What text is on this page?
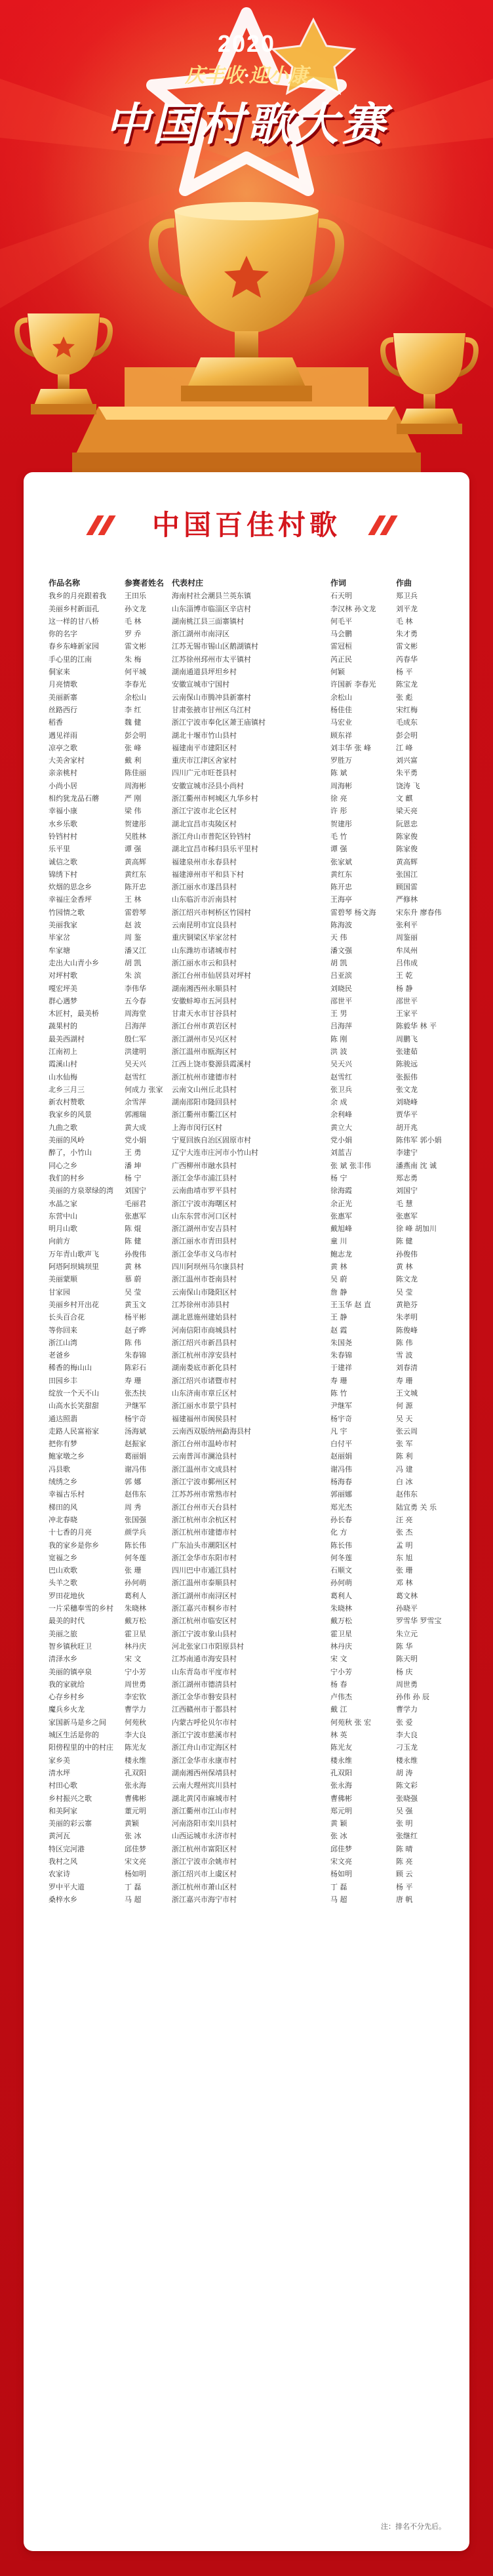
2020
庆丰收·迎小康
中国村歌大赛
中国百佳村歌
作品名称	参赛者姓名 代表村庄	作词	作曲
我乡的月亮跟着我	王田乐	海南村社会潮县兰英东镇	石天明	郑卫兵
美丽乡村新面孔	孙文龙	山东淄博市临淄区辛店村	李汉林 孙文龙	刘平龙
这一样的甘八桥	毛 林	湖南桃江县三面寨镇村	何毛平	毛 林
你的名字	罗 乔	浙江湖州市南浔区	马会鹏	朱才勇
春乡东峰新家园	雷文彬	江苏无锡市锡山区鹅湖镇村	雷冠桓	雷文彬
手心里的江南	朱 梅	江苏徐州邳州市太平镇村	芮正民	芮春华
侗家来	何平城	湖南通道县坪坦乡村	何颖	杨 平
月亮情歌	李春光	安徽宣城市宁国村	许国新 李春光	陈宝龙
美丽新寨	余松山	云南保山市腾冲县新寨村	余松山	张 彪
丝路西行	李 红	甘肃张掖市甘州区乌江村	杨佳佳	宋红梅
稻香	魏 健	浙江宁波市奉化区萧王庙镇村	马宏业	毛成东
遇见祥雨	彭会明	湖北十堰市竹山县村	顾东祥	彭会明
凉亭之歌	张 峰	福建南平市建阳区村	刘丰华 张 峰	江 峰
大美舍家村	戴 利	重庆市江津区舍家村	罗胜万	刘兴富
亲亲桃村	陈佳丽	四川广元市旺苍县村	陈 斌	朱平勇
小尚小居	周海彬	安徽宣城市泾县小尚村	周海彬	饶涛 飞
相约犹龙品石蘑	严 刚	浙江衢州市柯城区九华乡村	徐 亮	文 麒
幸福小康	梁 伟	浙江宁波市北仑区村	许 彤	梁天亮
水乡乐歌	贺建彤	湖北宜昌市夷陵区村	贺建彤	阮恩忠
铃铛村村	吴胜林	浙江舟山市普陀区铃铛村	毛 竹	陈家俊
乐平里	谭 强	湖北宜昌市秭归县乐平里村	谭 强	陈家俊
诚信之歌	黄高辉	福建泉州市永春县村	张家斌	黄高辉
锦绣下村	黄红东	福建漳州市平和县下村	黄红东	张国江
炊烟的思念乡	陈开忠	浙江丽水市遂昌县村	陈开忠	顾国雷
幸福庄金香坪	王 林	山东临沂市沂南县村	王海亭	严修林
竹园情之歌	雷碧琴	浙江绍兴市柯桥区竹园村	雷碧琴 杨文海	宋东升 廖春伟
美丽我家	赵 波	云南昆明市宜良县村	陈海波	张利平
毕家岔	周 鉴	重庆铜梁区毕家岔村	天 伟	周鉴丽
牟家塘	潘又江	山东潍坊市诸城市村	潘文强	牟凤州
走出大山青小乡	胡 凯	浙江丽水市云和县村	胡 凯	吕伟成
对坪村歌	朱 滨	浙江台州市仙居县对坪村	吕亚滨	王 乾
嘎宏坪美	李伟华	湖南湘西州永顺县村	刘晓民	杨 静
群心遇梦	五今春	安徽蚌埠市五河县村	邵世平	邵世平
木匠村，最美桥	周海堂	甘肃天水市甘谷县村	王 男	王家平
蔬果村的	吕海萍	浙江台州市黄岩区村	吕海萍	陈毅华 林 平
最美西湖村	殷仁军	浙江湖州市吴兴区村	陈 刚	周鹏飞
江南初上	洪建明	浙江温州市瓯海区村	洪 波	张建茹
霞溪山村	吴天兴	江西上饶市婺源县霞溪村	吴天兴	陈骏远
山水仙梅	赵雪红	浙江杭州市建德市村	赵雪红	张振伟
北乡三月三	何成力 张家	云南文山州丘北县村	张卫兵	张文龙
新农村赞歌	余雪萍	湖南邵阳市隆回县村	余 成	刘晓峰
我家乡的风景	郭湘瑞	浙江衢州市衢江区村	余利峰	贾华平
九曲之歌	黄大成	上海市闵行区村	黄立大	胡开兆
美丽的风岭	党小娟	宁夏回族自治区固原市村	党小娟	陈伟军 郭小娟
醉了，小竹山	王 勇	辽宁大连市庄河市小竹山村	刘蓝吉	李建宁
同心之乡	潘 坤	广西柳州市融水县村	张 斌 张丰伟	潘燕南 沈 诚
我们的村乡	杨 宁	浙江金华市浦江县村	杨 宁	郑志勇
美丽的方泉翠绿的湾	刘国宁	云南曲靖市罗平县村	徐海霞	刘国宁
水晶之家	毛丽君	浙江宁波市海曙区村	余正光	毛 慧
东营中山	张惠军	山东东营市河口区村	张惠军	张惠军
明月山歌	陈 焜	浙江湖州市安吉县村	戴旭峰	徐 峰 胡加川
向前方	陈 健	浙江丽水市青田县村	童 川	陈 健
万年青山歌声飞	孙俊伟	浙江金华市义乌市村	鲍志龙	孙俊伟
阿塔阿坝姨坝里	黄 林	四川阿坝州马尔康县村	黄 林	黄 林
美丽蒙顺	慕 蔚	浙江温州市苍南县村	吴 蔚	陈文龙
甘家园	吴 莹	云南保山市隆阳区村	詹 静	吴 莹
美丽乡村开出花	黄玉文	江苏徐州市沛县村	王玉华 赵 直	黄艳芬
长头百合花	杨平彬	湖北恩施州建始县村	王 静	朱孝明
等你回来	赵子晔	河南信阳市商城县村	赵 霞	陈俊峰
浙江山湾	陈 伟	浙江绍兴市新昌县村	朱国尧	陈 伟
老爸乡	朱春锦	浙江杭州市淳安县村	朱春锦	雪 波
稀香的梅山山	陈彩石	湖南娄底市新化县村	于建祥	刘春清
田园乡丰	寿 珊	浙江绍兴市诸暨市村	寿 珊	寿 珊
绽放一个天不山	张杰扶	山东济南市章丘区村	陈 竹	王文城
山高水长笑甜甜	尹继军	浙江丽水市景宁县村	尹继军	何 源
通达照翡	杨宇奇	福建福州市闽侯县村	杨宇奇	吴 天
走路人民富裕家	汤海斌	云南西双版纳州勐海县村	凡 宇	张云周
把你有梦	赵振家	浙江台州市温岭市村	白付平	张 军
鲍家墩之乡	葛丽娟	云南普洱市澜沧县村	赵丽娟	陈 利
冯县歌	谢冯伟	浙江温州市文成县村	谢冯伟	冯 建
绒绣之乡	郭 娜	浙江宁波市鄞州区村	杨海春	白 冰
幸福古乐村	赵伟东	江苏苏州市常熟市村	郭丽娜	赵伟东
梯田的风	周 秀	浙江台州市天台县村	郑光杰	陆宜勇 关 乐
冲北春晓	张国强	浙江杭州市余杭区村	孙长春	汪 亮
十七香的月亮	颜学兵	浙江杭州市建德市村	化 方	张 杰
我的家乡是你乡	陈长伟	广东汕头市潮阳区村	陈长伟	孟 明
宽福之乡	何冬莲	浙江金华市东阳市村	何冬莲	东 旭
巴山欢歌	张 珊	四川巴中市通江县村	石顺文	张 珊
头羊之歌	孙何萌	浙江温州市泰顺县村	孙何萌	邓 林
罗田花地伙	葛利人	浙江湖州市南浔区村	葛利人	葛文林
一片采穗奉雪的乡村	朱晓林	浙江嘉兴市桐乡市村	朱晓林	孙晓平
最美的时代	戴万松	浙江杭州市临安区村	戴万松	罗雪华 罗雪宝
美丽之旅	霍卫星	浙江宁波市象山县村	霍卫星	朱立元
智乡镇秋旺卫	林丹庆	河北张家口市阳原县村	林丹庆	陈 华
清泽水乡	宋 文	江苏南通市海安县村	宋 文	陈天明
美丽的镇亭泉	宁小芳	山东青岛市平度市村	宁小芳	杨 庆
我的家就给	周世勇	浙江湖州市德清县村	杨 春	周世勇
心存乡村乡	李宏钦	浙江金华市磐安县村	卢伟杰	孙伟 孙 辰
魔兵乡火龙	曹学力	江西赣州市于都县村	戴 江	曹学力
家国新马是乡之间	何苑秋	内蒙古呼伦贝尔市村	何苑秋 张 宏	张 爱
城区生活是你的	李大良	浙江宁波市慈溪市村	林 英	李大良
阳傍程里的中的村庄	陈光友	浙江舟山市定海区村	陈光友	刁玉龙
家乡美	楼永维	浙江金华市永康市村	楼永维	楼永维
清水坪	孔双阳	湖南湘西州保靖县村	孔双阳	胡 涛
村田心歌	张永海	云南大理州宾川县村	张永海	陈文彩
乡村振兴之歌	曹佛彬	湖北黄冈市麻城市村	曹佛彬	张晓强
和美阿家	董元明	浙江衢州市江山市村	郑元明	吴 强
美丽的彩云寨	黄颖	河南洛阳市栾川县村	黄 颖	张 明
黄河瓦	张 冰	山西运城市永济市村	张 冰	张继红
特区完河港	邱佳梦	浙江杭州市富阳区村	邱佳梦	陈 晴
我村之风	宋文亮	浙江宁波市余姚市村	宋文亮	陈 亮
农家诗	杨如明	浙江绍兴市上虞区村	杨如明	顾 云
罗中平大道	丁 磊	浙江杭州市萧山区村	丁 磊	杨 平
桑梓水乡	马 超	浙江嘉兴市海宁市村	马 超	唐 帆
注：排名不分先后。
